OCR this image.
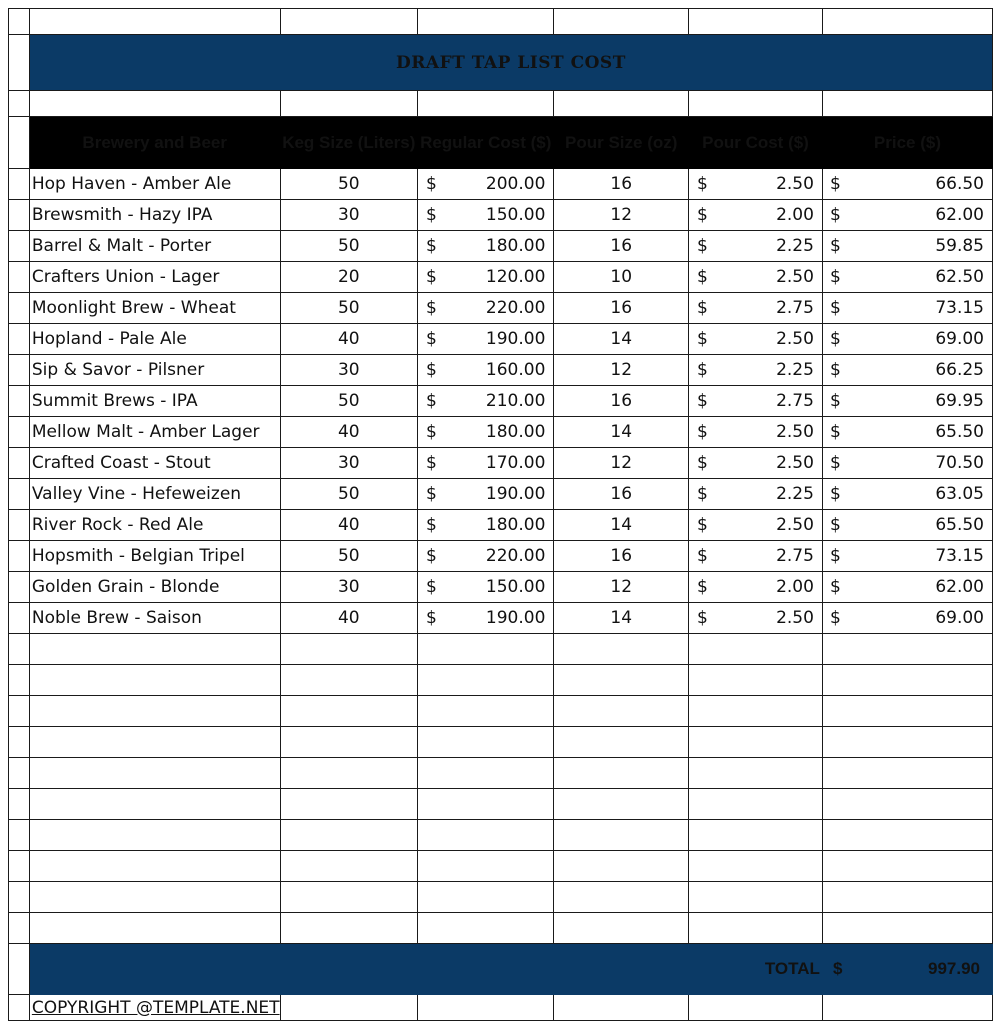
	DRAFT TAP LIST COST					

	Brewery and Beer	Keg Size (Liters)	Regular Cost ($)	Pour Size (oz)	Pour Cost ($)	Price ($)
	Hop Haven - Amber Ale	50	$ 200.00	16	$ 2.50	$ 66.50

	Brewsmith - Hazy IPA	30	$ 150.00	12	$ 2.00	$ 62.00

	Barrel & Malt - Porter	50	$ 180.00	16	$ 2.25	$ 59.85

	Crafters Union - Lager	20	$ 120.00	10	$ 2.50	$ 62.50

	Moonlight Brew - Wheat	50	$ 220.00	16	$ 2.75	$ 73.15

	Hopland - Pale Ale	40	$ 190.00	14	$ 2.50	$ 69.00

	Sip & Savor - Pilsner	30	$ 160.00	12	$ 2.25	$ 66.25

	Summit Brews - IPA	50	$ 210.00	16	$ 2.75	$ 69.95

	Mellow Malt - Amber Lager	40	$ 180.00	14	$ 2.50	$ 65.50

	Crafted Coast - Stout	30	$ 170.00	12	$ 2.50	$ 70.50

	Valley Vine - Hefeweizen	50	$ 190.00	16	$ 2.25	$ 63.05

	River Rock - Red Ale	40	$ 180.00	14	$ 2.50	$ 65.50

	Hopsmith - Belgian Tripel	50	$ 220.00	16	$ 2.75	$ 73.15

	Golden Grain - Blonde	30	$ 150.00	12	$ 2.00	$ 62.00

	Noble Brew - Saison	40	$ 190.00	14	$ 2.50	$ 69.00

	TOTAL					$ 997.90

	COPYRIGHT @TEMPLATE.NET					
